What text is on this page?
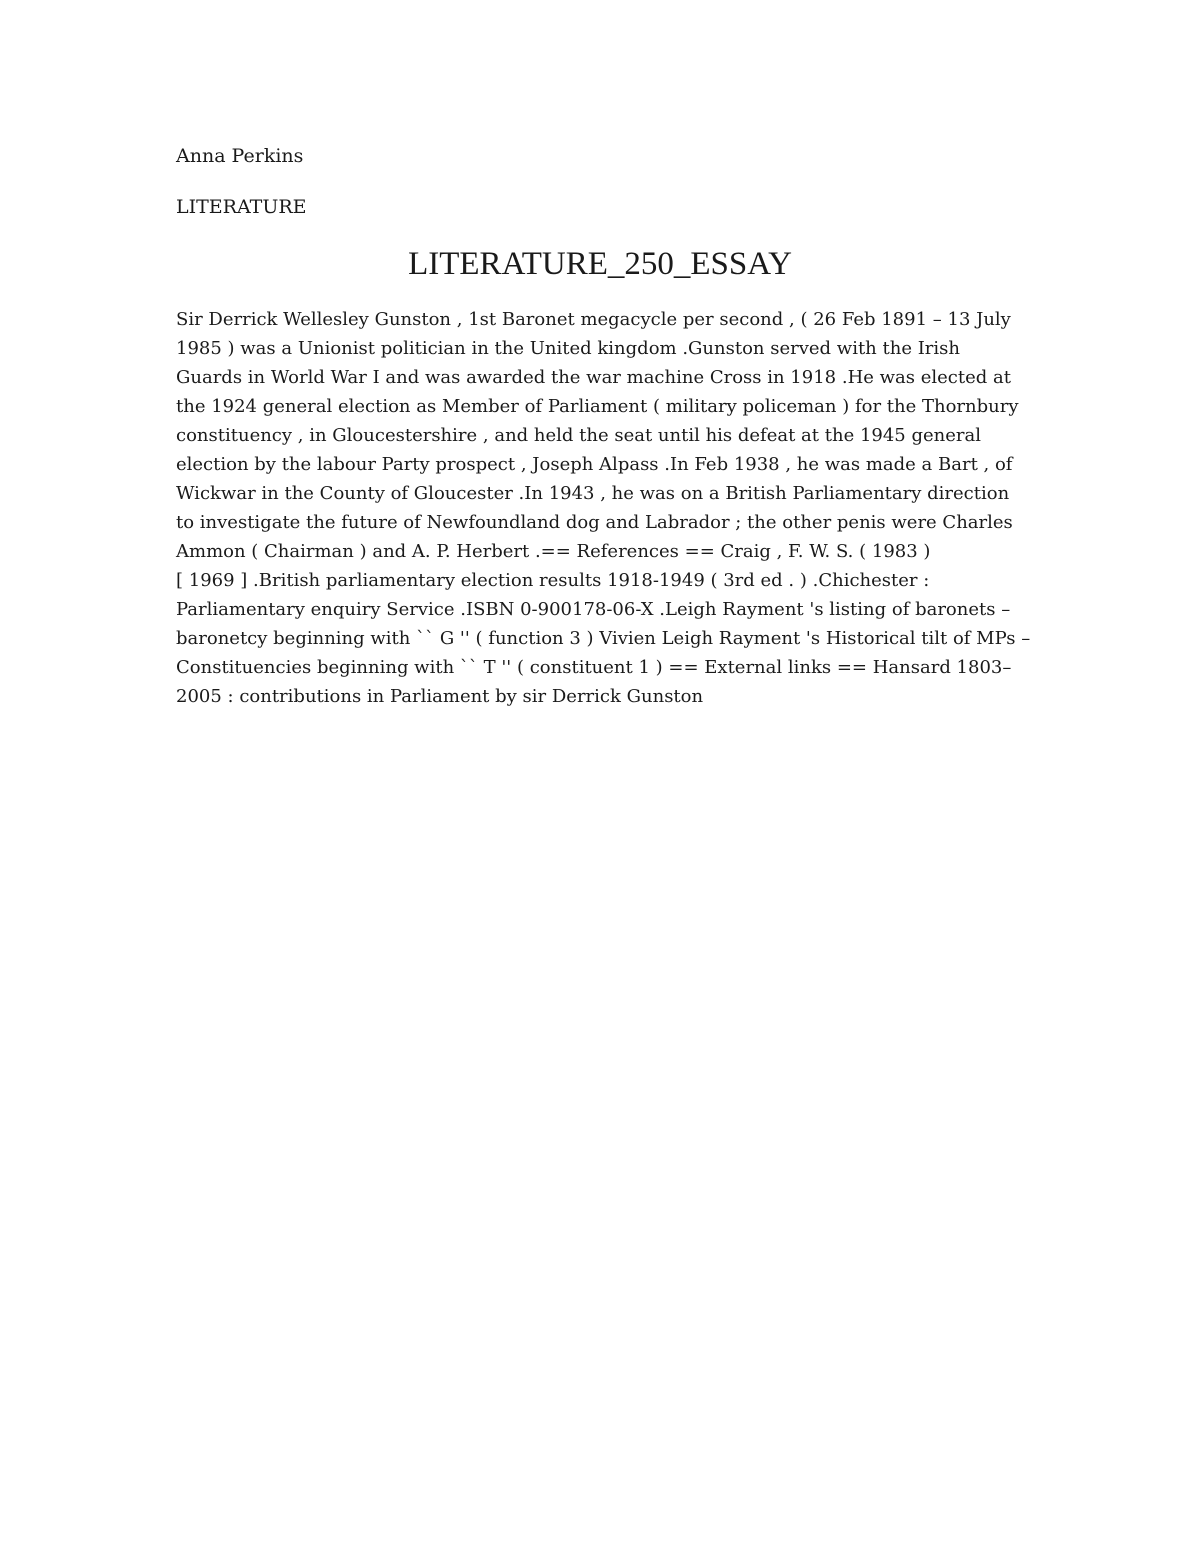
Anna Perkins
LITERATURE
LITERATURE_250_ESSAY
Sir Derrick Wellesley Gunston , 1st Baronet megacycle per second , ( 26 Feb 1891 – 13 July
1985 ) was a Unionist politician in the United kingdom .Gunston served with the Irish
Guards in World War I and was awarded the war machine Cross in 1918 .He was elected at
the 1924 general election as Member of Parliament ( military policeman ) for the Thornbury
constituency , in Gloucestershire , and held the seat until his defeat at the 1945 general
election by the labour Party prospect , Joseph Alpass .In Feb 1938 , he was made a Bart , of
Wickwar in the County of Gloucester .In 1943 , he was on a British Parliamentary direction
to investigate the future of Newfoundland dog and Labrador ; the other penis were Charles
Ammon ( Chairman ) and A. P. Herbert .== References == Craig , F. W. S. ( 1983 )
[ 1969 ] .British parliamentary election results 1918-1949 ( 3rd ed . ) .Chichester :
Parliamentary enquiry Service .ISBN 0-900178-06-X .Leigh Rayment 's listing of baronets –
baronetcy beginning with `` G '' ( function 3 ) Vivien Leigh Rayment 's Historical tilt of MPs –
Constituencies beginning with `` T '' ( constituent 1 ) == External links == Hansard 1803–
2005 : contributions in Parliament by sir Derrick Gunston
